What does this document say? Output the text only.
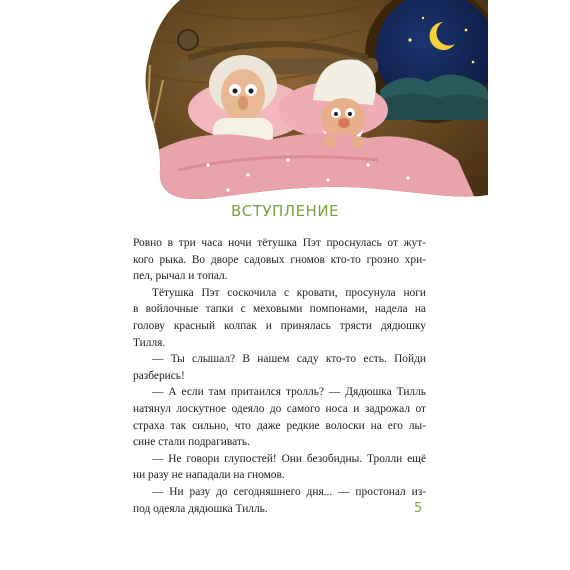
ВСТУПЛЕНИЕ

Ровно в три часа ночи тётушка Пэт проснулась от жут-
кого рыка. Во дворе садовых гномов кто-то грозно хри-
пел, рычал и топал.

Тётушка Пэт соскочила с кровати, просунула ноги
в войлочные тапки с меховыми помпонами, надела на
голову красный колпак и принялась трясти дядюшку
Тилля.

— Ты слышал? В нашем саду кто-то есть. Пойди
разберись!

— А если там притаился тролль? — Дядюшка Тилль
натянул лоскутное одеяло до самого носа и задрожал от
страха так сильно, что даже редкие волоски на его лы-
сине стали подрагивать.

— Не говори глупостей! Они безобидны. Тролли ещё
ни разу не нападали на гномов.

— Ни разу до сегодняшнего дня... — простонал из-
под одеяла дядюшка Тилль.	5
